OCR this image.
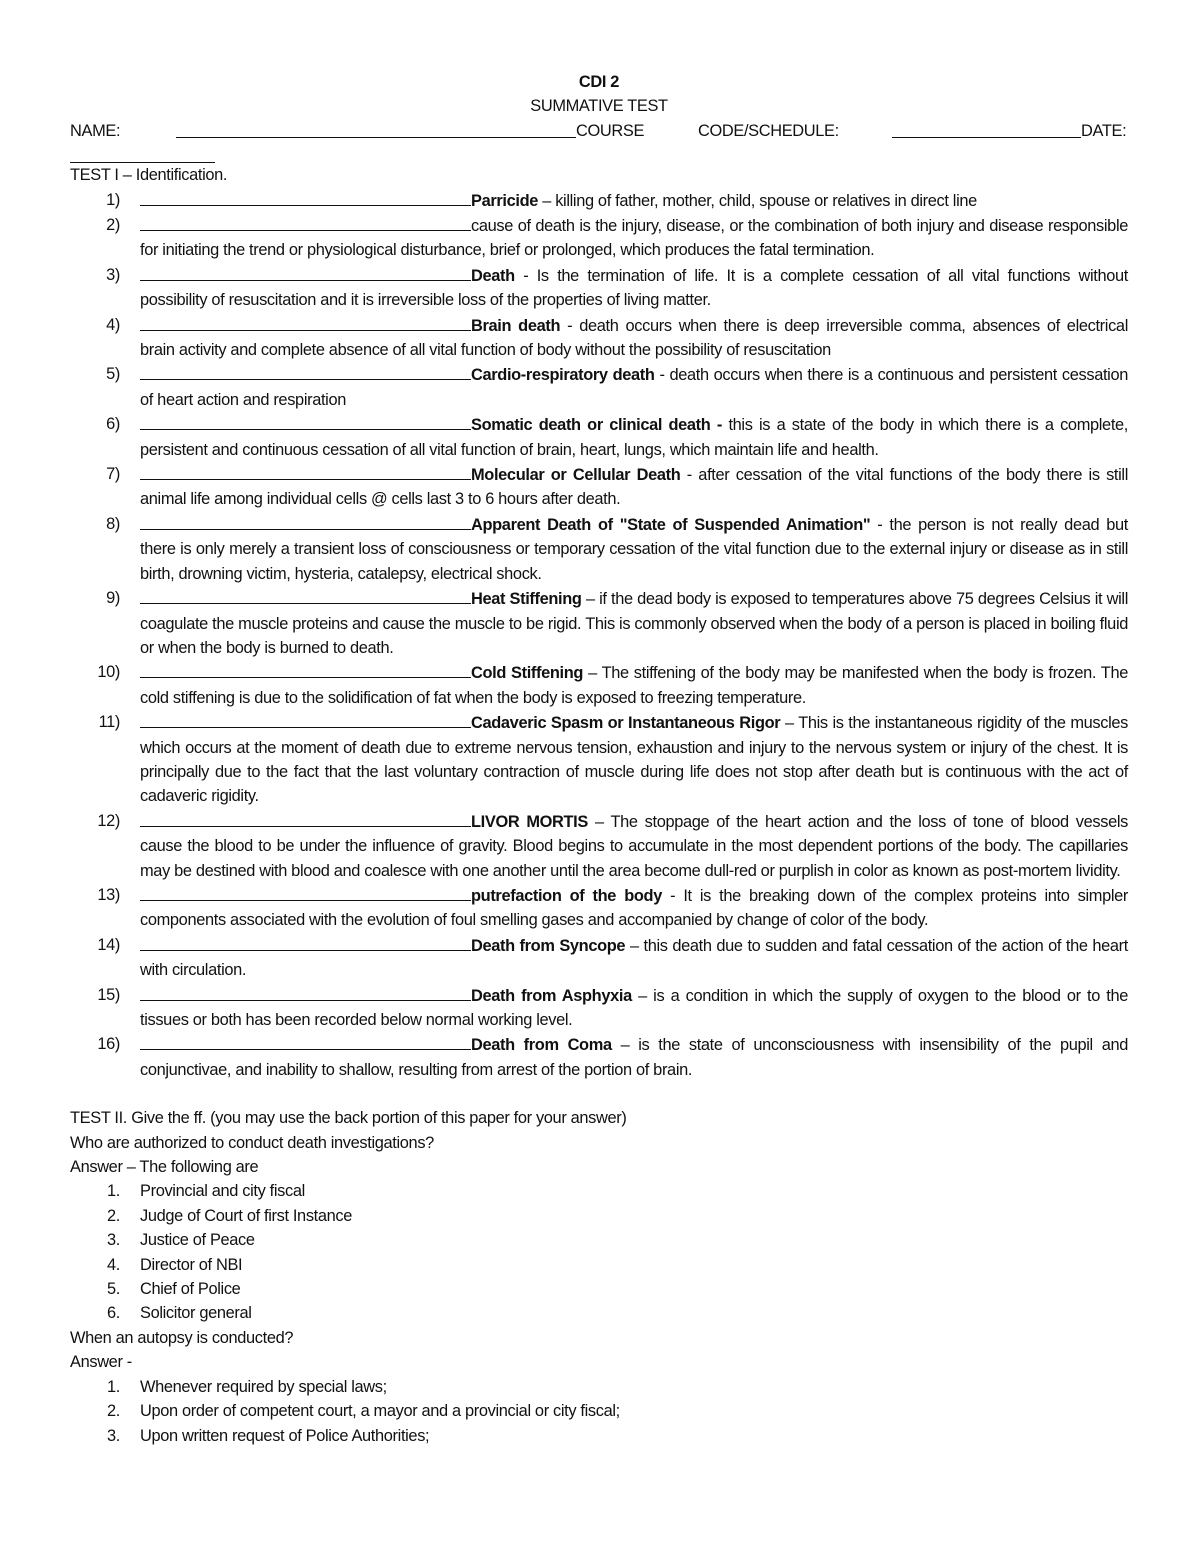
CDI 2
SUMMATIVE TEST
NAME:	COURSE	CODE/SCHEDULE:	DATE:
TEST I – Identification.
1)	Parricide – killing of father, mother, child, spouse or relatives in direct line
2)	cause of death is the injury, disease, or the combination of both injury and disease responsible for initiating the trend or physiological disturbance, brief or prolonged, which produces the fatal termination.
3)	Death - Is the termination of life. It is a complete cessation of all vital functions without possibility of resuscitation and it is irreversible loss of the properties of living matter.
4)	Brain death - death occurs when there is deep irreversible comma, absences of electrical brain activity and complete absence of all vital function of body without the possibility of resuscitation
5)	Cardio-respiratory death - death occurs when there is a continuous and persistent cessation of heart action and respiration
6)	Somatic death or clinical death - this is a state of the body in which there is a complete, persistent and continuous cessation of all vital function of brain, heart, lungs, which maintain life and health.
7)	Molecular or Cellular Death - after cessation of the vital functions of the body there is still animal life among individual cells @ cells last 3 to 6 hours after death.
8)	Apparent Death of "State of Suspended Animation" - the person is not really dead but there is only merely a transient loss of consciousness or temporary cessation of the vital function due to the external injury or disease as in still birth, drowning victim, hysteria, catalepsy, electrical shock.
9)	Heat Stiffening – if the dead body is exposed to temperatures above 75 degrees Celsius it will coagulate the muscle proteins and cause the muscle to be rigid. This is commonly observed when the body of a person is placed in boiling fluid or when the body is burned to death.
10)	Cold Stiffening – The stiffening of the body may be manifested when the body is frozen. The cold stiffening is due to the solidification of fat when the body is exposed to freezing temperature.
11)	Cadaveric Spasm or Instantaneous Rigor – This is the instantaneous rigidity of the muscles which occurs at the moment of death due to extreme nervous tension, exhaustion and injury to the nervous system or injury of the chest. It is principally due to the fact that the last voluntary contraction of muscle during life does not stop after death but is continuous with the act of cadaveric rigidity.
12)	LIVOR MORTIS – The stoppage of the heart action and the loss of tone of blood vessels cause the blood to be under the influence of gravity. Blood begins to accumulate in the most dependent portions of the body. The capillaries may be destined with blood and coalesce with one another until the area become dull-red or purplish in color as known as post-mortem lividity.
13)	putrefaction of the body - It is the breaking down of the complex proteins into simpler components associated with the evolution of foul smelling gases and accompanied by change of color of the body.
14)	Death from Syncope – this death due to sudden and fatal cessation of the action of the heart with circulation.
15)	Death from Asphyxia – is a condition in which the supply of oxygen to the blood or to the tissues or both has been recorded below normal working level.
16)	Death from Coma – is the state of unconsciousness with insensibility of the pupil and conjunctivae, and inability to shallow, resulting from arrest of the portion of brain.
TEST II. Give the ff. (you may use the back portion of this paper for your answer)
Who are authorized to conduct death investigations?
Answer – The following are
1. Provincial and city fiscal
2. Judge of Court of first Instance
3. Justice of Peace
4. Director of NBI
5. Chief of Police
6. Solicitor general
When an autopsy is conducted?
Answer -
1. Whenever required by special laws;
2. Upon order of competent court, a mayor and a provincial or city fiscal;
3. Upon written request of Police Authorities;
